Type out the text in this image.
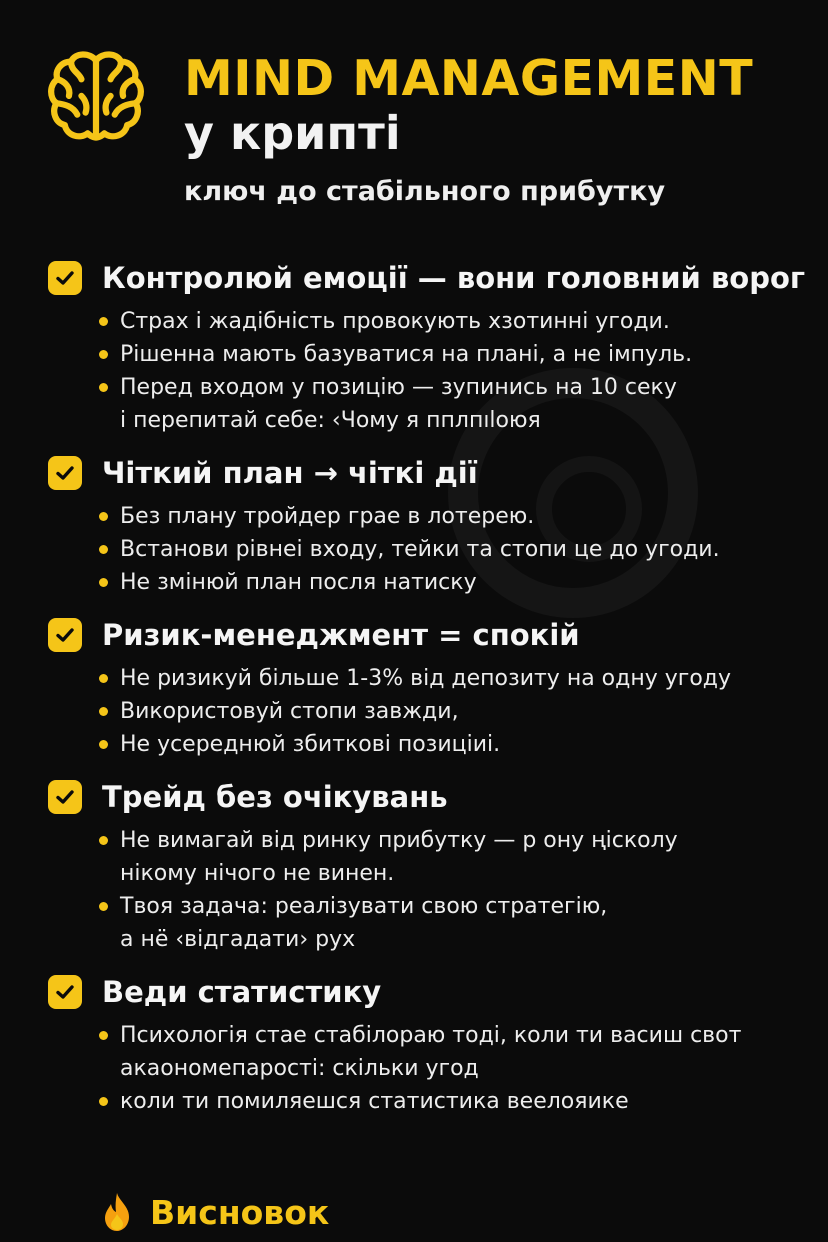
MIND MANAGEMENT
у крипті

ключ до стабільного прибутку

Контролюй емоції — вони головний ворог
Страх і жадібність провокують хзотинні угоди.
Рішенна мають базуватися на плані, а не імпуль.
Перед входом у позицію — зупинись на 10 секу
і перепитай себе: ‹Чому я пплпılоюя
Чіткий план → чіткі дії
Без плану тройдер грае в лотерею.
Встанови рівнеі входу, тейки та стопи це до угоди.
Не змінюй план посля натиску
Ризик-менеджмент = спокій
Не ризикуй більше 1-3% від депозиту на одну угоду
Використовуй стопи завжди,
Не усереднюй збиткові позиціиі.
Трейд без очікувань
Не вимагай від ринку прибутку — р ону ңісколу
нікому нічого не винен.
Твоя задача: реалізувати свою стратегію,
а нё ‹відгадати› рух
Веди статистику
Психологія стае стабілораю тоді, коли ти васиш свот
акаономепарості: скільки угод
коли ти помиляешся статистика веелояике
Висновок
